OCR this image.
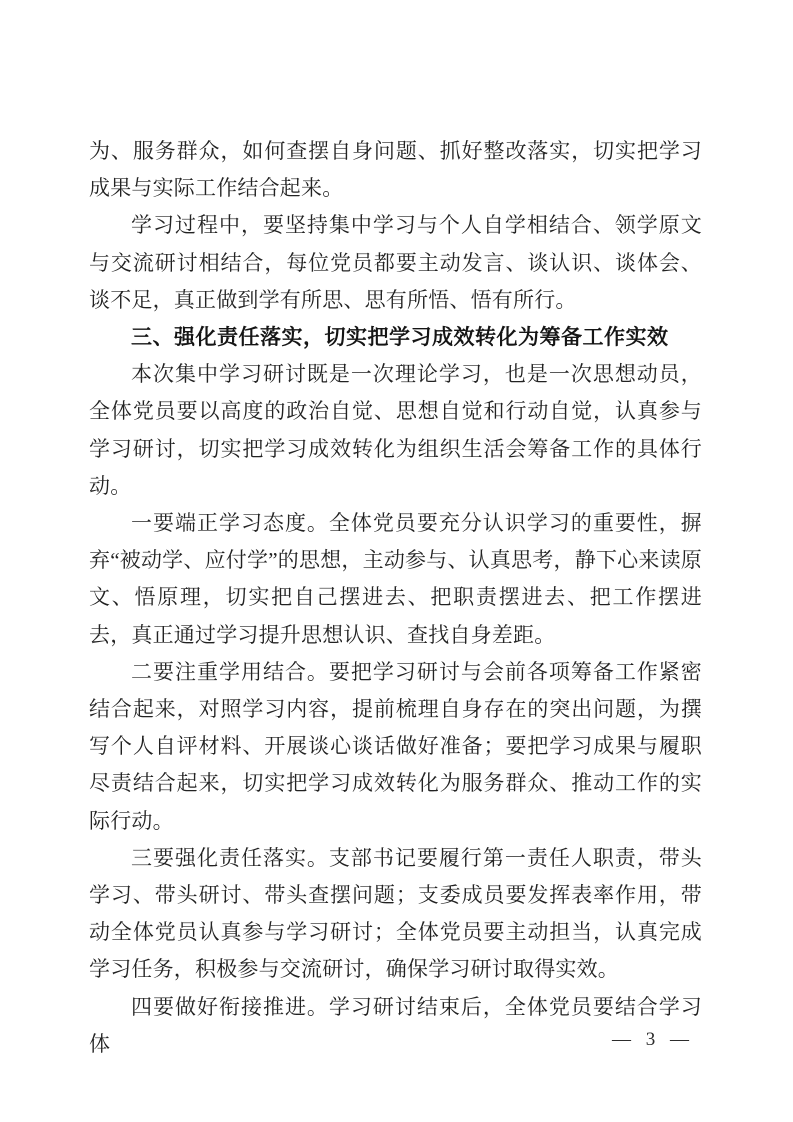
为、服务群众，如何查摆自身问题、抓好整改落实，切实把学习成果与实际工作结合起来。

学习过程中，要坚持集中学习与个人自学相结合、领学原文与交流研讨相结合，每位党员都要主动发言、谈认识、谈体会、谈不足，真正做到学有所思、思有所悟、悟有所行。

三、强化责任落实，切实把学习成效转化为筹备工作实效

本次集中学习研讨既是一次理论学习，也是一次思想动员，全体党员要以高度的政治自觉、思想自觉和行动自觉，认真参与学习研讨，切实把学习成效转化为组织生活会筹备工作的具体行动。

一要端正学习态度。全体党员要充分认识学习的重要性，摒弃“被动学、应付学”的思想，主动参与、认真思考，静下心来读原文、悟原理，切实把自己摆进去、把职责摆进去、把工作摆进去，真正通过学习提升思想认识、查找自身差距。

二要注重学用结合。要把学习研讨与会前各项筹备工作紧密结合起来，对照学习内容，提前梳理自身存在的突出问题，为撰写个人自评材料、开展谈心谈话做好准备；要把学习成果与履职尽责结合起来，切实把学习成效转化为服务群众、推动工作的实际行动。

三要强化责任落实。支部书记要履行第一责任人职责，带头学习、带头研讨、带头查摆问题；支委成员要发挥表率作用，带动全体党员认真参与学习研讨；全体党员要主动担当，认真完成学习任务，积极参与交流研讨，确保学习研讨取得实效。

四要做好衔接推进。学习研讨结束后，全体党员要结合学习体	— 3 —
